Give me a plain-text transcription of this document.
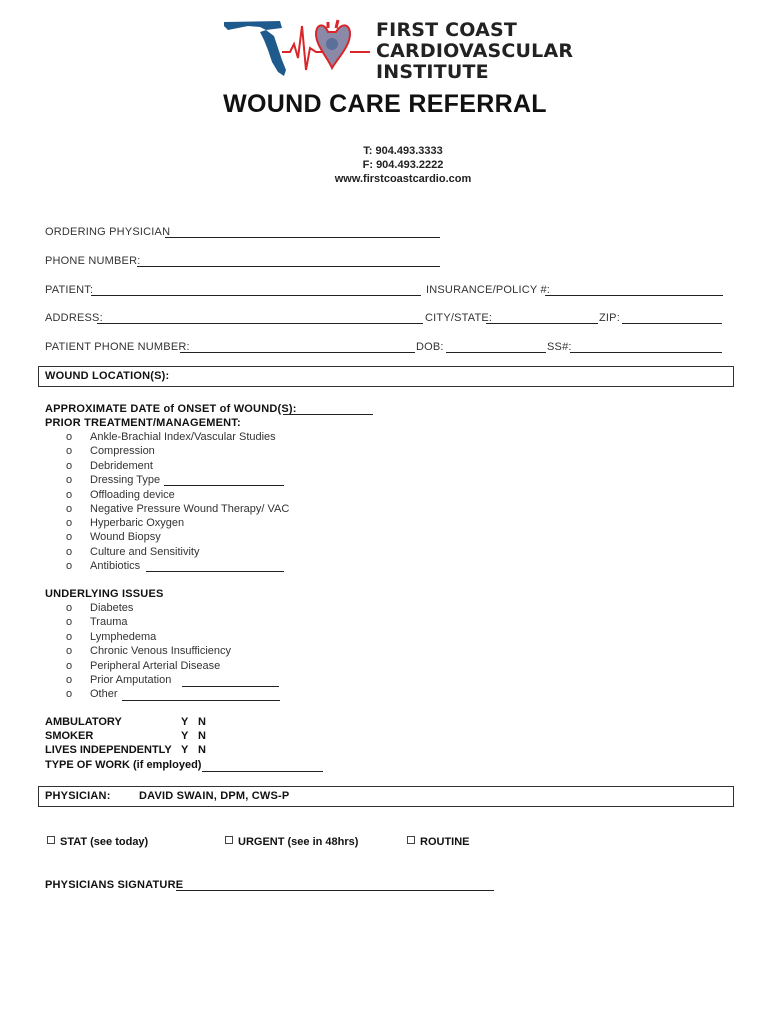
FIRST COAST
CARDIOVASCULAR
INSTITUTE
WOUND CARE REFERRAL
T: 904.493.3333
F: 904.493.2222
www.firstcoastcardio.com
ORDERING PHYSICIAN
PHONE NUMBER:
PATIENT:	INSURANCE/POLICY #:
ADDRESS:	CITY/STATE:	ZIP:
PATIENT PHONE NUMBER:	DOB:	SS#:
WOUND LOCATION(S):
APPROXIMATE DATE of ONSET of WOUND(S):
PRIOR TREATMENT/MANAGEMENT:
o	Ankle-Brachial Index/Vascular Studies
o	Compression
o	Debridement
o	Dressing Type
o	Offloading device
o	Negative Pressure Wound Therapy/ VAC
o	Hyperbaric Oxygen
o	Wound Biopsy
o	Culture and Sensitivity
o	Antibiotics
UNDERLYING ISSUES
o	Diabetes
o	Trauma
o	Lymphedema
o	Chronic Venous Insufficiency
o	Peripheral Arterial Disease
o	Prior Amputation
o	Other
AMBULATORY	Y N
SMOKER	Y N
LIVES INDEPENDENTLY Y N
TYPE OF WORK (if employed)
PHYSICIAN:	DAVID SWAIN, DPM, CWS-P
STAT (see today)	URGENT (see in 48hrs)	ROUTINE
PHYSICIANS SIGNATURE
